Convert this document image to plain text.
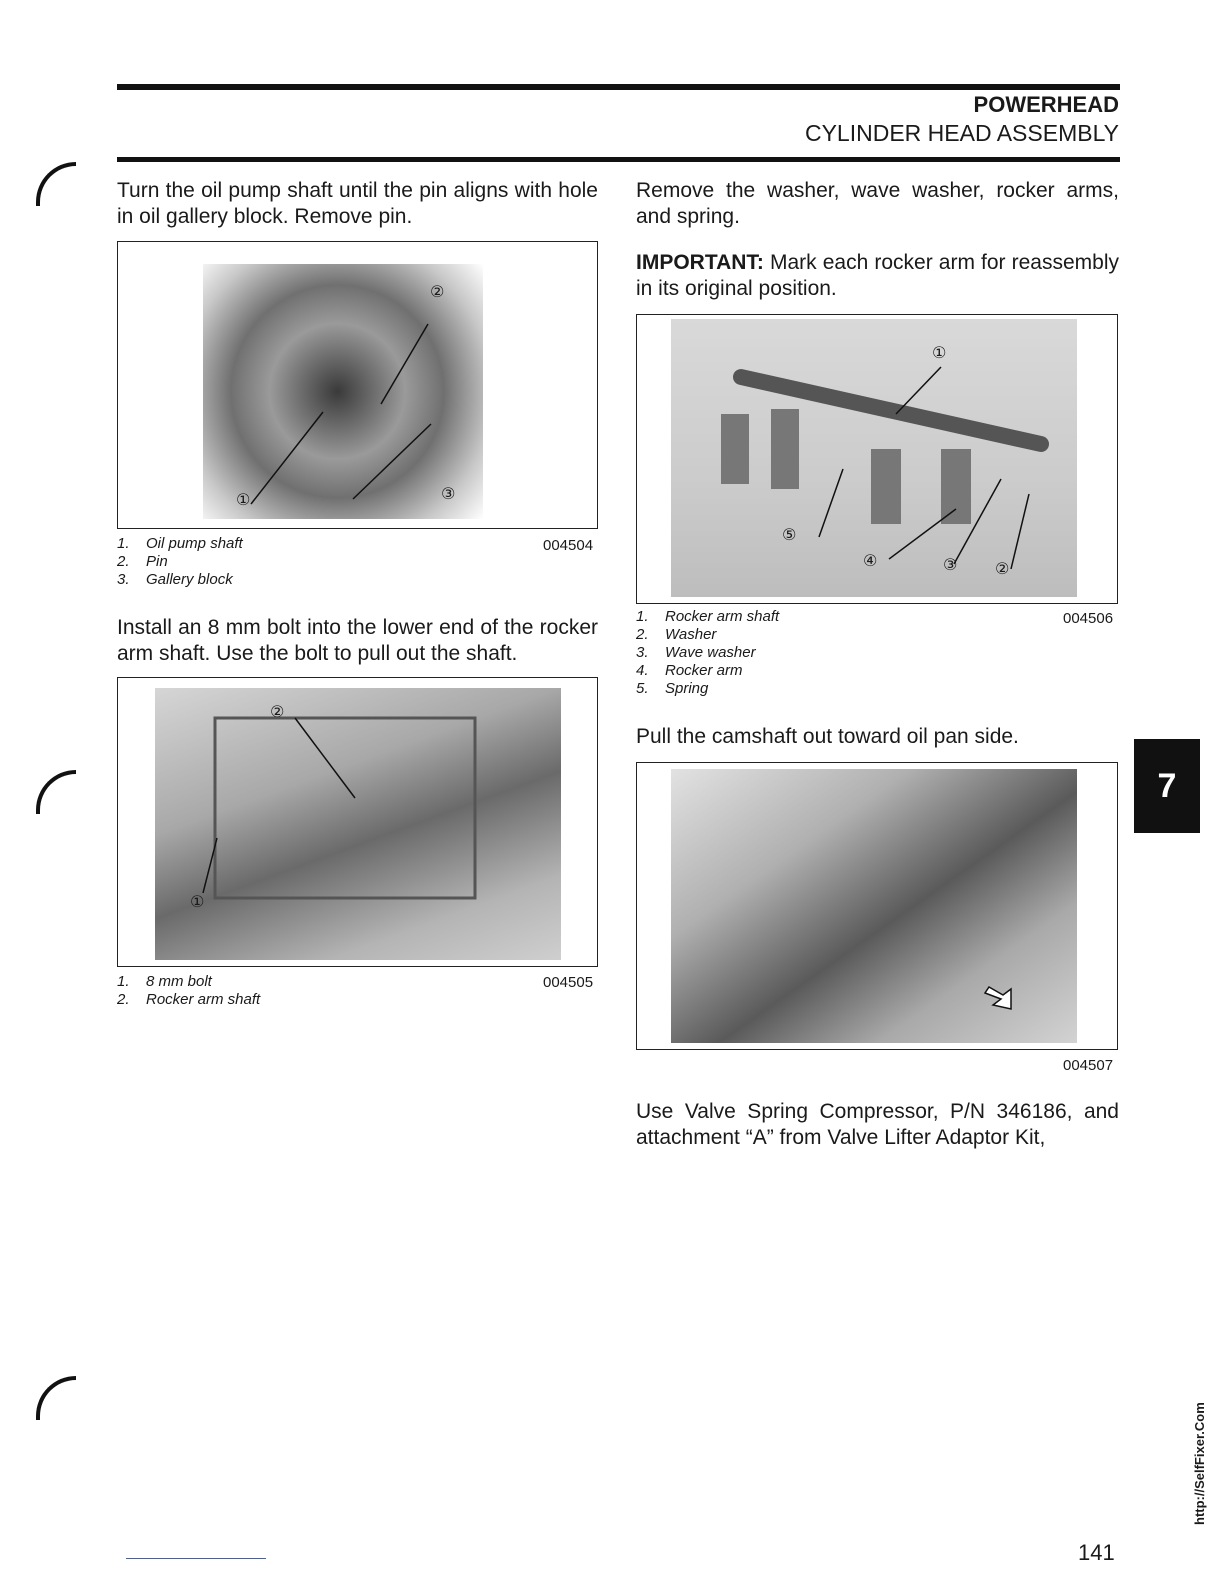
POWERHEAD
CYLINDER HEAD ASSEMBLY

Turn the oil pump shaft until the pin aligns with hole in oil gallery block. Remove pin.

②
③
①
1.	Oil pump shaft
2.	Pin
3.	Gallery block
004504

Install an 8 mm bolt into the lower end of the rocker arm shaft. Use the bolt to pull out the shaft.

②
①
1.	8 mm bolt
2.	Rocker arm shaft
004505

Remove the washer, wave washer, rocker arms, and spring.

IMPORTANT: Mark each rocker arm for reassembly in its original position.

①
⑤
④	③ ②
1.	Rocker arm shaft
2.	Washer
3.	Wave washer
4.	Rocker arm
5.	Spring
004506

Pull the camshaft out toward oil pan side.

004507

Use Valve Spring Compressor, P/N 346186, and attachment “A” from Valve Lifter Adaptor Kit,

7
http://SelfFixer.Com
141
